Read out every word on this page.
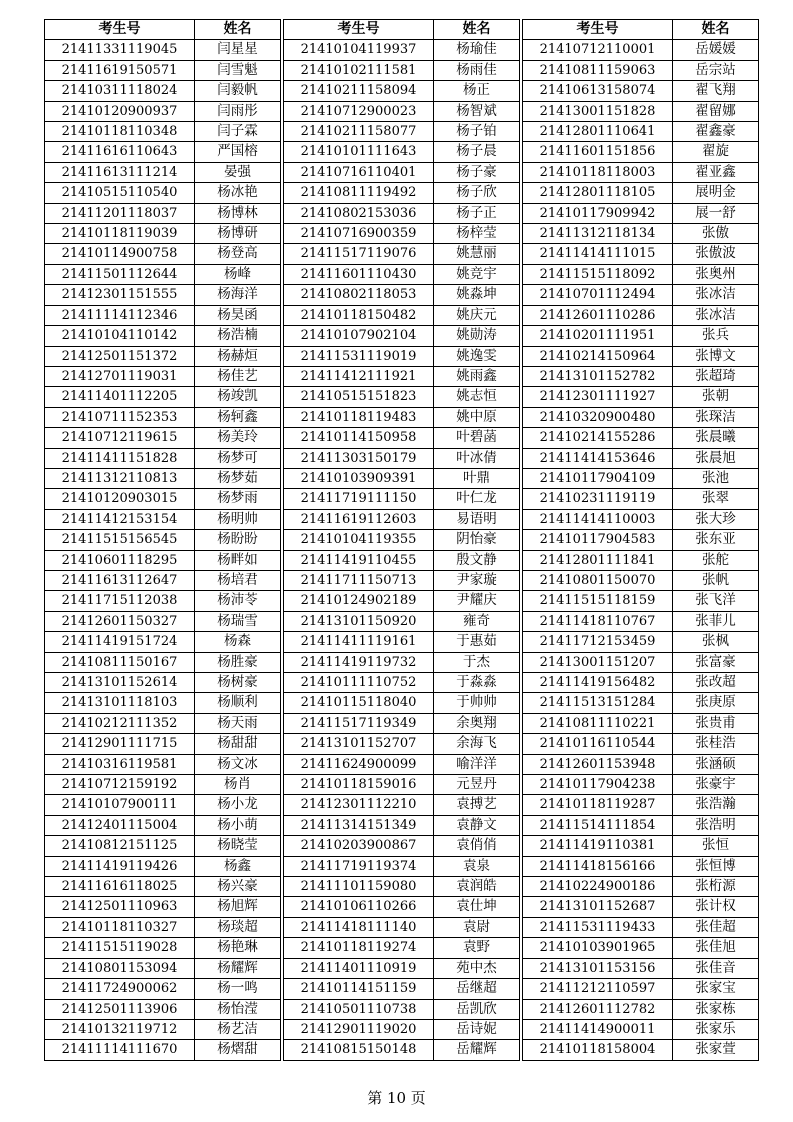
考生号	姓名
21411331119045	闫星星
21411619150571	闫雪魁
21410311118024	闫毅帆
21410120900937	闫雨彤
21410118110348	闫子霖
21411616110643	严国榕
21411613111214	晏强
21410515110540	杨冰艳
21411201118037	杨博林
21410118119039	杨博研
21410114900758	杨登高
21411501112644	杨峰
21412301151555	杨海洋
21411114112346	杨昊函
21410104110142	杨浩楠
21412501151372	杨赫烜
21412701119031	杨佳艺
21411401112205	杨竣凯
21410711152353	杨轲鑫
21410712119615	杨美玲
21411411151828	杨梦可
21411312110813	杨梦茹
21410120903015	杨梦雨
21411412153154	杨明帅
21411515156545	杨盼盼
21410601118295	杨畔如
21411613112647	杨培君
21411715112038	杨沛苓
21412601150327	杨瑞雪
21411419151724	杨森
21410811150167	杨胜豪
21413101152614	杨树豪
21413101118103	杨顺利
21410212111352	杨天雨
21412901111715	杨甜甜
21410316119581	杨文冰
21410712159192	杨肖
21410107900111	杨小龙
21412401115004	杨小萌
21410812151125	杨晓莹
21411419119426	杨鑫
21411616118025	杨兴豪
21412501110963	杨旭辉
21410118110327	杨琰超
21411515119028	杨艳琳
21410801153094	杨耀辉
21411724900062	杨一鸣
21412501113906	杨怡滢
21410132119712	杨艺洁
21411114111670	杨熠甜
考生号	姓名
21410104119937	杨瑜佳
21410102111581	杨雨佳
21410211158094	杨正
21410712900023	杨智斌
21410211158077	杨子铂
21410101111643	杨子晨
21410716110401	杨子豪
21410811119492	杨子欣
21410802153036	杨子正
21410716900359	杨梓莹
21411517119076	姚慧丽
21411601110430	姚竞宇
21410802118053	姚淼坤
21410118150482	姚庆元
21410107902104	姚勋涛
21411531119019	姚逸雯
21411412111921	姚雨鑫
21410515151823	姚志恒
21410118119483	姚中原
21410114150958	叶碧菡
21411303150179	叶冰倩
21410103909391	叶鼎
21411719111150	叶仁龙
21411619112603	易语明
21410104119355	阴怡豪
21411419110455	殷文静
21411711150713	尹家璇
21410124902189	尹耀庆
21413101150920	雍奇
21411411119161	于惠茹
21411419119732	于杰
21410111110752	于淼淼
21410115118040	于帅帅
21411517119349	余奥翔
21413101152707	余海飞
21411624900099	喻洋洋
21410118159016	元昱丹
21412301112210	袁搏艺
21411314151349	袁静文
21410203900867	袁俏俏
21411719119374	袁泉
21411101159080	袁润皓
21410106110266	袁仕坤
21411418111140	袁尉
21410118119274	袁野
21411401110919	苑中杰
21410114151159	岳继超
21410501110738	岳凯欣
21412901119020	岳诗妮
21410815150148	岳耀辉
考生号	姓名
21410712110001	岳媛媛
21410811159063	岳宗站
21410613158074	翟飞翔
21413001151828	翟留娜
21412801110641	翟鑫豪
21411601151856	翟旋
21410118118003	翟亚鑫
21412801118105	展明金
21410117909942	展一舒
21411312118134	张傲
21411414111015	张傲波
21411515118092	张奥州
21410701112494	张冰洁
21412601110286	张冰洁
21410201111951	张兵
21410214150964	张博文
21413101152782	张超琦
21412301111927	张朝
21410320900480	张琛洁
21410214155286	张晨曦
21411414153646	张晨旭
21410117904109	张池
21410231119119	张翠
21411414110003	张大珍
21410117904583	张东亚
21412801111841	张舵
21410801150070	张帆
21411515118159	张飞洋
21411418110767	张菲儿
21411712153459	张枫
21413001151207	张富豪
21411419156482	张改超
21411513151284	张庚原
21410811110221	张贵甫
21410116110544	张桂浩
21412601153948	张涵硕
21410117904238	张豪宇
21410118119287	张浩瀚
21411514111854	张浩明
21411419110381	张恒
21411418156166	张恒博
21410224900186	张桁源
21413101152687	张计权
21411531119433	张佳超
21410103901965	张佳旭
21413101153156	张佳音
21411212110597	张家宝
21412601112782	张家栋
21411414900011	张家乐
21410118158004	张家萱
第 10 页
